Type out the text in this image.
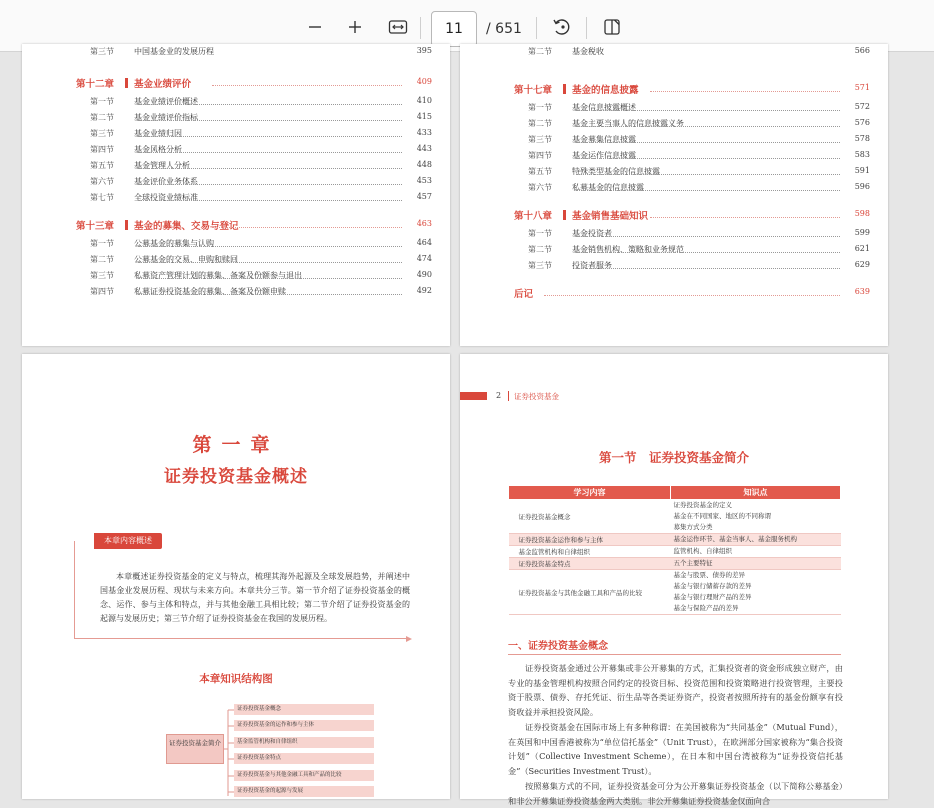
11	/ 651
第三节	中国基金业的发展历程	395
第十二章 基金业绩评价	409
第一节	基金业绩评价概述	410
第二节	基金业绩评价指标	415
第三节	基金业绩归因	433
第四节	基金风格分析	443
第五节	基金管理人分析	448
第六节	基金评价业务体系	453
第七节	全球投资业绩标准	457
第十三章 基金的募集、交易与登记	463
第一节	公募基金的募集与认购	464
第二节	公募基金的交易、申购和赎回	474
第三节	私募资产管理计划的募集、备案及份额参与退出	490
第四节	私募证券投资基金的募集、备案及份额申赎	492
第二节	基金税收	566
第十七章 基金的信息披露	571
第一节	基金信息披露概述	572
第二节	基金主要当事人的信息披露义务	576
第三节	基金募集信息披露	578
第四节	基金运作信息披露	583
第五节	特殊类型基金的信息披露	591
第六节	私募基金的信息披露	596
第十八章 基金销售基础知识	598
第一节	基金投资者	599
第二节	基金销售机构、策略和业务规范	621
第三节	投资者服务	629
后记	639
第一章
证券投资基金概述
本章内容概述
本章概述证券投资基金的定义与特点，梳理其海外起源及全球发展趋势，并阐述中国基金业发展历程、现状与未来方向。本章共分三节。第一节介绍了证券投资基金的概念、运作、参与主体和特点，并与其他金融工具相比较；第二节介绍了证券投资基金的起源与发展历史；第三节介绍了证券投资基金在我国的发展历程。
本章知识结构图
证券投资基金简介
证券投资基金概念
证券投资基金的运作和参与主体
基金监管机构和自律组织
证券投资基金特点
证券投资基金与其他金融工具和产品的比较
证券投资基金的起源与发展
2 证券投资基金
第一节　证券投资基金简介
学习内容	知识点
证券投资基金概念	证券投资基金的定义
基金在不同国家、地区的不同称谓
募集方式分类

证券投资基金运作和参与主体	基金运作环节、基金当事人、基金服务机构

基金监管机构和自律组织	监管机构、自律组织

证券投资基金特点	五个主要特征

证券投资基金与其他金融工具和产品的比较	基金与股票、债券的差异
基金与银行储蓄存款的差异
基金与银行理财产品的差异
基金与保险产品的差异
一、证券投资基金概念
证券投资基金通过公开募集或非公开募集的方式，汇集投资者的资金形成独立财产，由专业的基金管理机构按照合同约定的投资目标、投资范围和投资策略进行投资管理，主要投资于股票、债券、存托凭证、衍生品等各类证券资产，投资者按照所持有的基金份额享有投资收益并承担投资风险。
证券投资基金在国际市场上有多种称谓：在美国被称为“共同基金”（Mutual Fund），在英国和中国香港被称为“单位信托基金”（Unit Trust），在欧洲部分国家被称为“集合投资计划”（Collective Investment Scheme），在日本和中国台湾被称为“证券投资信托基金”（Securities Investment Trust）。
按照募集方式的不同，证券投资基金可分为公开募集证券投资基金（以下简称公募基金）和非公开募集证券投资基金两大类别。非公开募集证券投资基金仅面向合
